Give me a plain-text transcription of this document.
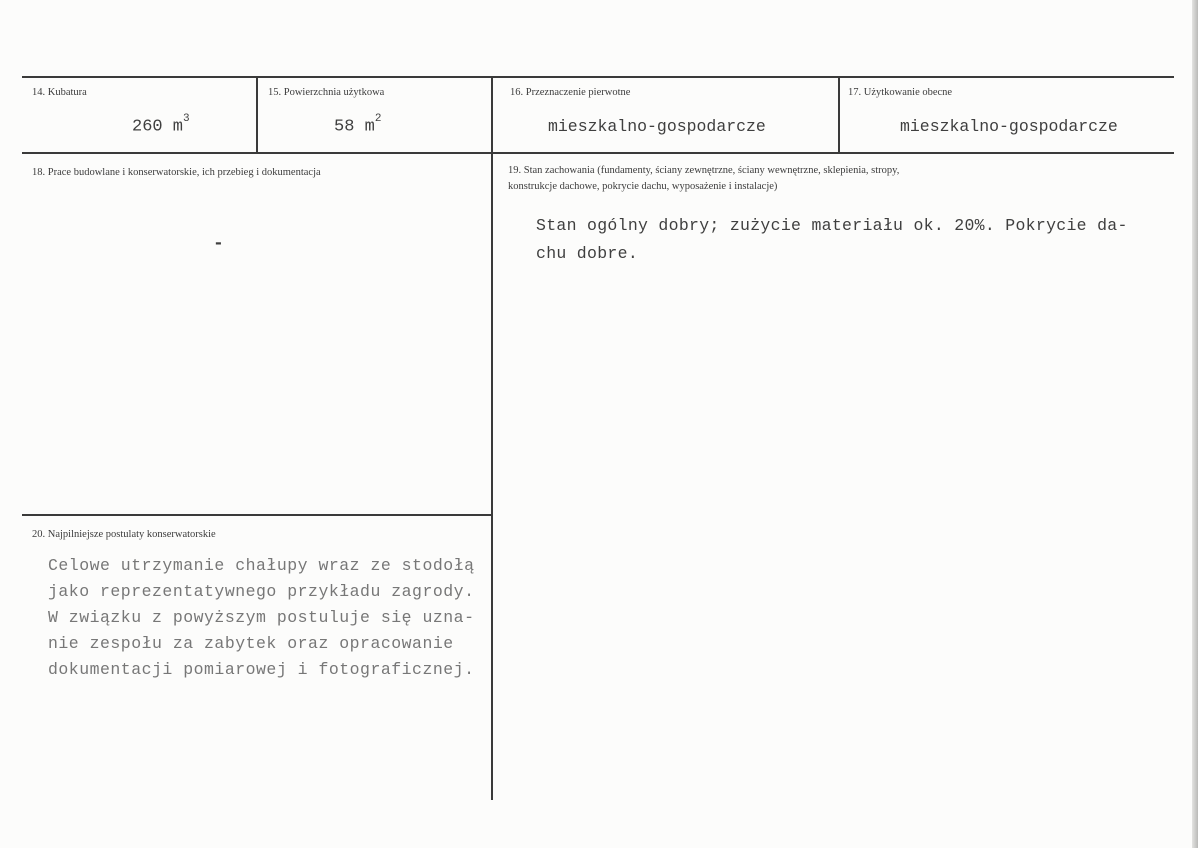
14. Kubatura
260 $m^3$
15. Powierzchnia użytkowa
58 $m^2$
16. Przeznaczenie pierwotne
mieszkalno-gospodarcze
17. Użytkowanie obecne
mieszkalno-gospodarcze
18. Prace budowlane i konserwatorskie, ich przebieg i dokumentacja
-
19. Stan zachowania (fundamenty, ściany zewnętrzne, ściany wewnętrzne, sklepienia, stropy,
konstrukcje dachowe, pokrycie dachu, wyposażenie i instalacje)
Stan ogólny dobry; zużycie materiału ok. 20%. Pokrycie da-
chu dobre.
20. Najpilniejsze postulaty konserwatorskie
Celowe utrzymanie chałupy wraz ze stodołą
jako reprezentatywnego przykładu zagrody.
W związku z powyższym postuluje się uzna-
nie zespołu za zabytek oraz opracowanie
dokumentacji pomiarowej i fotograficznej.
